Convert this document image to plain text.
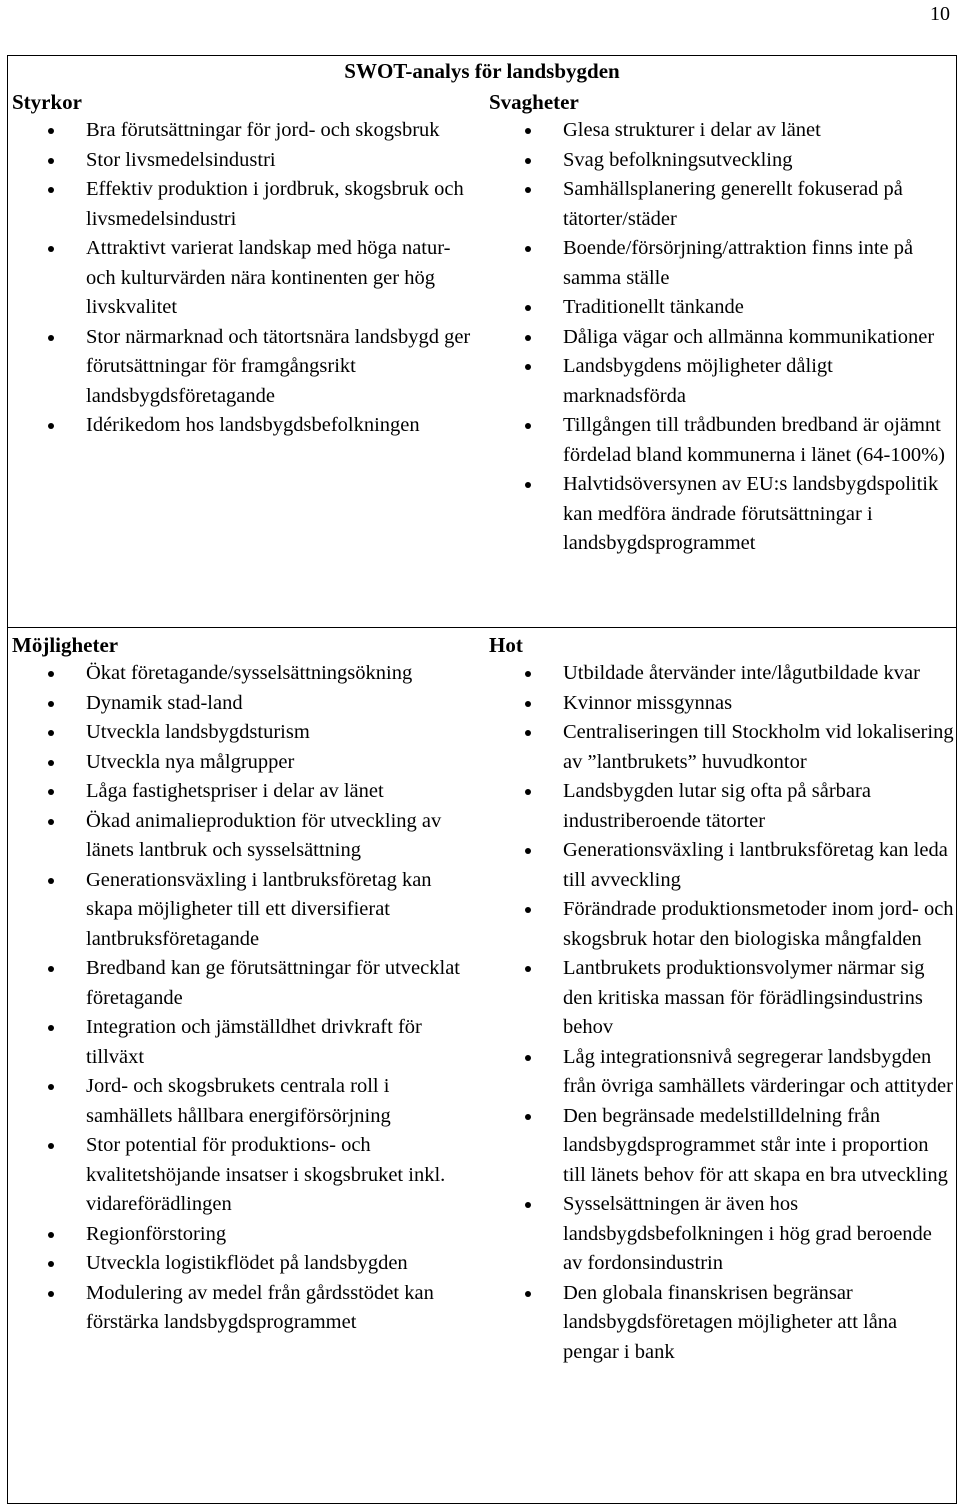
10
SWOT-analys för landsbygden
Styrkor
Bra förutsättningar för jord- och skogsbruk
Stor livsmedelsindustri
Effektiv produktion i jordbruk, skogsbruk och livsmedelsindustri
Attraktivt varierat landskap med höga natur- och kulturvärden nära kontinenten ger hög livskvalitet
Stor närmarknad och tätortsnära landsbygd ger förutsättningar för framgångsrikt landsbygdsföretagande
Idérikedom hos landsbygdsbefolkningen
Svagheter
Glesa strukturer i delar av länet
Svag befolkningsutveckling
Samhällsplanering generellt fokuserad på tätorter/städer
Boende/försörjning/attraktion finns inte på samma ställe
Traditionellt tänkande
Dåliga vägar och allmänna kommunikationer
Landsbygdens möjligheter dåligt marknadsförda
Tillgången till trådbunden bredband är ojämnt fördelad bland kommunerna i länet (64-100%)
Halvtidsöversynen av EU:s landsbygdspolitik kan medföra ändrade förutsättningar i landsbygdsprogrammet
Möjligheter
Ökat företagande/sysselsättningsökning
Dynamik stad-land
Utveckla landsbygdsturism
Utveckla nya målgrupper
Låga fastighetspriser i delar av länet
Ökad animalieproduktion för utveckling av länets lantbruk och sysselsättning
Generationsväxling i lantbruksföretag kan skapa möjligheter till ett diversifierat lantbruksföretagande
Bredband kan ge förutsättningar för utvecklat företagande
Integration och jämställdhet drivkraft för tillväxt
Jord- och skogsbrukets centrala roll i samhällets hållbara energiförsörjning
Stor potential för produktions- och kvalitetshöjande insatser i skogsbruket inkl. vidareförädlingen
Regionförstoring
Utveckla logistikflödet på landsbygden
Modulering av medel från gårdsstödet kan förstärka landsbygdsprogrammet
Hot
Utbildade återvänder inte/lågutbildade kvar
Kvinnor missgynnas
Centraliseringen till Stockholm vid lokalisering av ”lantbrukets” huvudkontor
Landsbygden lutar sig ofta på sårbara industriberoende tätorter
Generationsväxling i lantbruksföretag kan leda till avveckling
Förändrade produktionsmetoder inom jord- och skogsbruk hotar den biologiska mångfalden
Lantbrukets produktionsvolymer närmar sig den kritiska massan för förädlingsindustrins behov
Låg integrationsnivå segregerar landsbygden från övriga samhällets värderingar och attityder
Den begränsade medelstilldelning från landsbygdsprogrammet står inte i proportion till länets behov för att skapa en bra utveckling
Sysselsättningen är även hos landsbygdsbefolkningen i hög grad beroende av fordonsindustrin
Den globala finanskrisen begränsar landsbygdsföretagen möjligheter att låna pengar i bank
